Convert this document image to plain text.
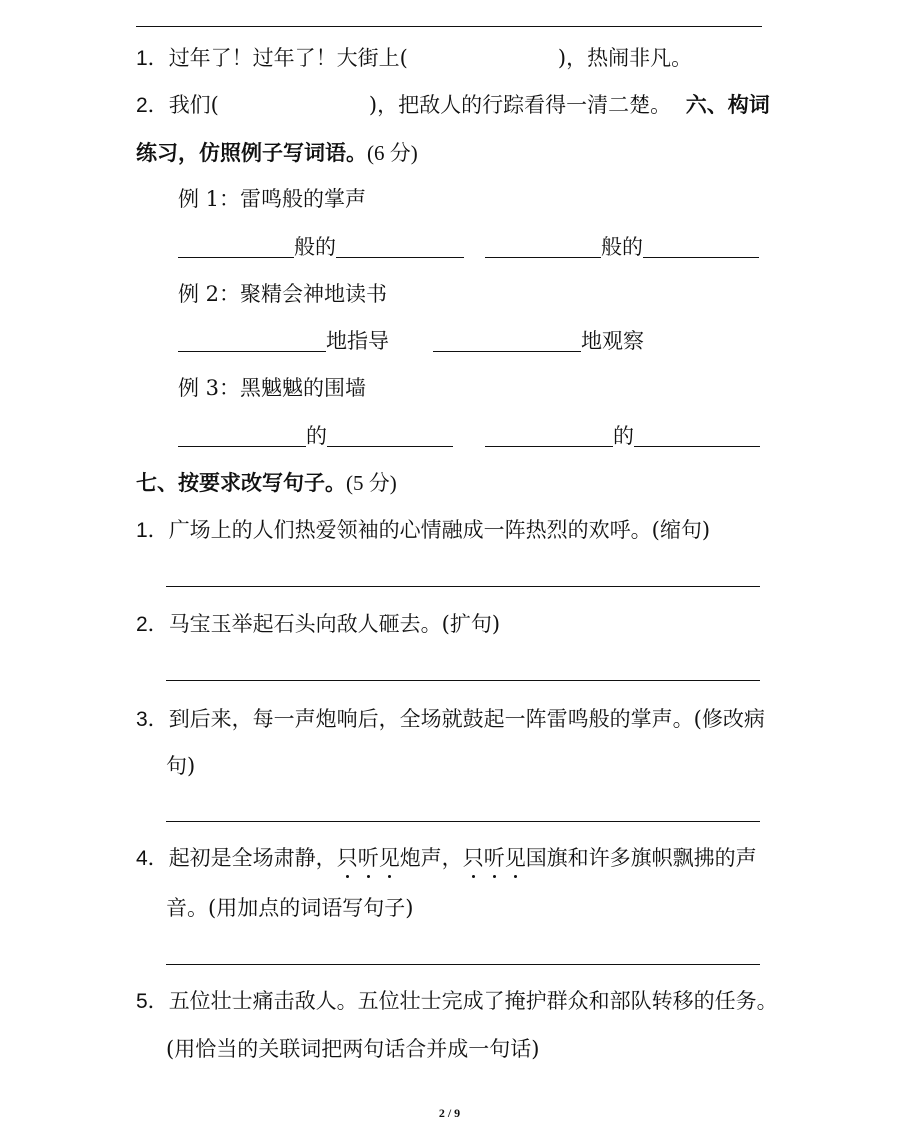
1．过年了！过年了！大街上(	)，热闹非凡。
2．我们(	)，把敌人的行踪看得一清二楚。 六、构词
练习，仿照例子写词语。(6 分)
例 1：雷鸣般的掌声
般的	般的
例 2：聚精会神地读书
地指导	地观察
例 3：黑魆魆的围墙
的	的
七、按要求改写句子。(5 分)
1．广场上的人们热爱领袖的心情融成一阵热烈的欢呼。(缩句)
2．马宝玉举起石头向敌人砸去。(扩句)
3．到后来，每一声炮响后，全场就鼓起一阵雷鸣般的掌声。(修改病
句)
4．起初是全场肃静，只听见炮声，只听见国旗和许多旗帜飘拂的声
音。(用加点的词语写句子)
5．五位壮士痛击敌人。五位壮士完成了掩护群众和部队转移的任务。
(用恰当的关联词把两句话合并成一句话)
2 / 9
